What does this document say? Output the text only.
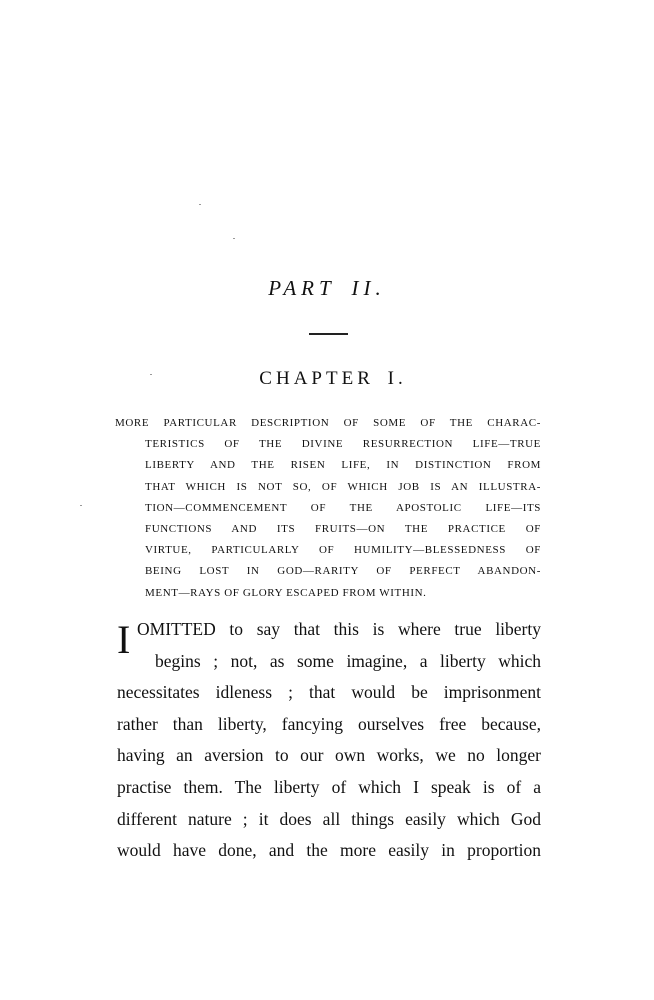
PART II.
CHAPTER I.
MORE PARTICULAR DESCRIPTION OF SOME OF THE CHARAC-
TERISTICS OF THE DIVINE RESURRECTION LIFE—TRUE
LIBERTY AND THE RISEN LIFE, IN DISTINCTION FROM
THAT WHICH IS NOT SO, OF WHICH JOB IS AN ILLUSTRA-
TION—COMMENCEMENT OF THE APOSTOLIC LIFE—ITS
FUNCTIONS AND ITS FRUITS—ON THE PRACTICE OF
VIRTUE, PARTICULARLY OF HUMILITY—BLESSEDNESS OF
BEING LOST IN GOD—RARITY OF PERFECT ABANDON-
MENT—RAYS OF GLORY ESCAPED FROM WITHIN.
I OMITTED to say that this is where true liberty
begins ; not, as some imagine, a liberty which
necessitates idleness ; that would be imprisonment
rather than liberty, fancying ourselves free because,
having an aversion to our own works, we no longer
practise them. The liberty of which I speak is of a
different nature ; it does all things easily which God
would have done, and the more easily in proportion
